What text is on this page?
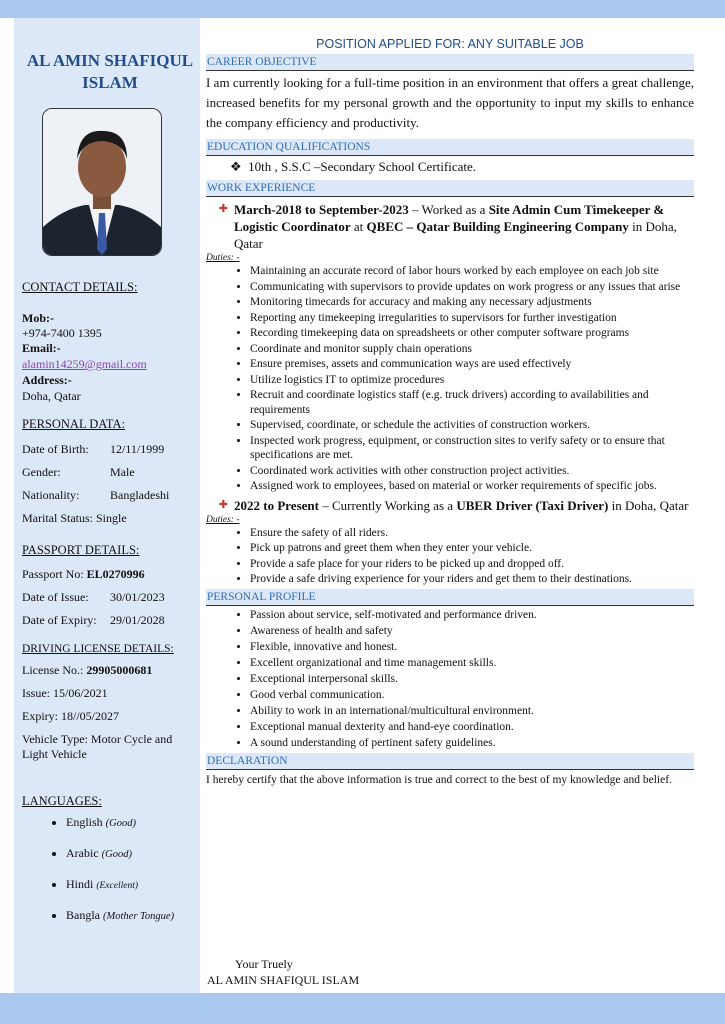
AL AMIN SHAFIQUL
ISLAM
CONTACT DETAILS:
Mob:-
+974-7400 1395
Email:-
alamin14259@gmail.com
Address:-
Doha, Qatar
PERSONAL DATA:
Date of Birth:	12/11/1999
Gender:	Male
Nationality:	Bangladeshi
Marital Status:
Single
PASSPORT DETAILS:
Passport No: EL0270996
Date of Issue:	30/01/2023
Date of Expiry:	29/01/2028
DRIVING LICENSE DETAILS:
License No.: 29905000681
Issue: 15/06/2021
Expiry: 18//05/2027
Vehicle Type: Motor Cycle and Light Vehicle
LANGUAGES:
• English (Good)
• Arabic (Good)
• Hindi (Excellent)
• Bangla (Mother Tongue)
POSITION APPLIED FOR: ANY SUITABLE JOB
CAREER OBJECTIVE
I am currently looking for a full-time position in an environment that offers a great challenge, increased benefits for my personal growth and the opportunity to input my skills to enhance the company efficiency and productivity.
EDUCATION QUALIFICATIONS
❖ 10th , S.S.C –Secondary School Certificate.
WORK EXPERIENCE
✚ March-2018 to September-2023 – Worked as a Site Admin Cum Timekeeper & Logistic Coordinator at QBEC – Qatar Building Engineering Company in Doha, Qatar
Duties: -
• Maintaining an accurate record of labor hours worked by each employee on each job site
• Communicating with supervisors to provide updates on work progress or any issues that arise
• Monitoring timecards for accuracy and making any necessary adjustments
• Reporting any timekeeping irregularities to supervisors for further investigation
• Recording timekeeping data on spreadsheets or other computer software programs
• Coordinate and monitor supply chain operations
• Ensure premises, assets and communication ways are used effectively
• Utilize logistics IT to optimize procedures
• Recruit and coordinate logistics staff (e.g. truck drivers) according to availabilities and requirements
• Supervised, coordinate, or schedule the activities of construction workers.
• Inspected work progress, equipment, or construction sites to verify safety or to ensure that specifications are met.
• Coordinated work activities with other construction project activities.
• Assigned work to employees, based on material or worker requirements of specific jobs.
✚ 2022 to Present – Currently Working as a UBER Driver (Taxi Driver) in Doha, Qatar
Duties: -
• Ensure the safety of all riders.
• Pick up patrons and greet them when they enter your vehicle.
• Provide a safe place for your riders to be picked up and dropped off.
• Provide a safe driving experience for your riders and get them to their destinations.
PERSONAL PROFILE
• Passion about service, self-motivated and performance driven.
• Awareness of health and safety
• Flexible, innovative and honest.
• Excellent organizational and time management skills.
• Exceptional interpersonal skills.
• Good verbal communication.
• Ability to work in an international/multicultural environment.
• Exceptional manual dexterity and hand-eye coordination.
• A sound understanding of pertinent safety guidelines.
DECLARATION
I hereby certify that the above information is true and correct to the best of my knowledge and belief.
Your Truely
AL AMIN SHAFIQUL ISLAM
